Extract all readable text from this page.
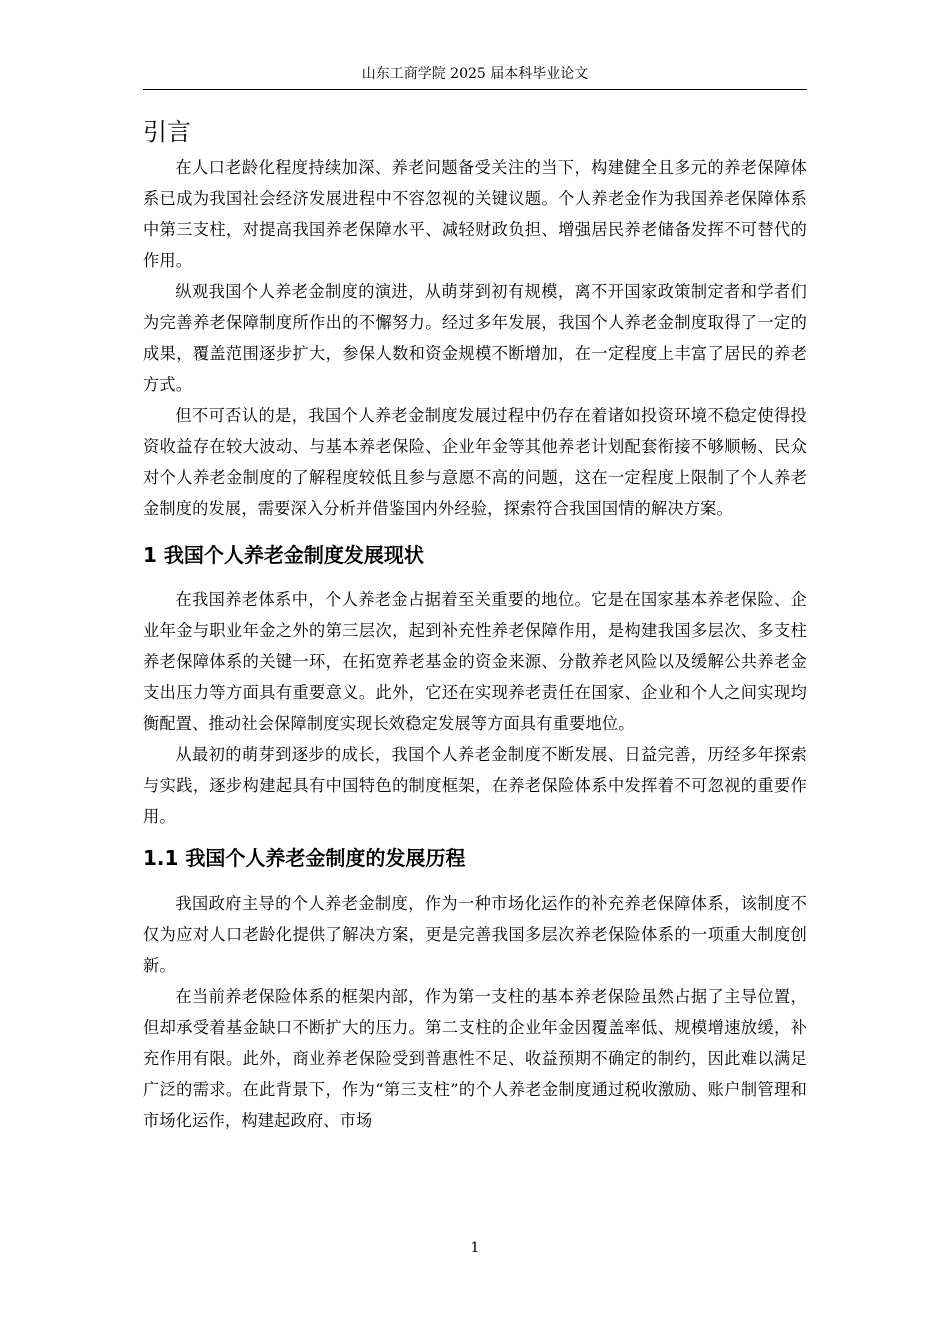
山东工商学院 2025 届本科毕业论文
引言

在人口老龄化程度持续加深、养老问题备受关注的当下，构建健全且多元的养老保障体系已成为我国社会经济发展进程中不容忽视的关键议题。个人养老金作为我国养老保障体系中第三支柱，对提高我国养老保障水平、减轻财政负担、增强居民养老储备发挥不可替代的作用。

纵观我国个人养老金制度的演进，从萌芽到初有规模，离不开国家政策制定者和学者们为完善养老保障制度所作出的不懈努力。经过多年发展，我国个人养老金制度取得了一定的成果，覆盖范围逐步扩大，参保人数和资金规模不断增加，在一定程度上丰富了居民的养老方式。

但不可否认的是，我国个人养老金制度发展过程中仍存在着诸如投资环境不稳定使得投资收益存在较大波动、与基本养老保险、企业年金等其他养老计划配套衔接不够顺畅、民众对个人养老金制度的了解程度较低且参与意愿不高的问题，这在一定程度上限制了个人养老金制度的发展，需要深入分析并借鉴国内外经验，探索符合我国国情的解决方案。

1 我国个人养老金制度发展现状

在我国养老体系中，个人养老金占据着至关重要的地位。它是在国家基本养老保险、企业年金与职业年金之外的第三层次，起到补充性养老保障作用，是构建我国多层次、多支柱养老保障体系的关键一环，在拓宽养老基金的资金来源、分散养老风险以及缓解公共养老金支出压力等方面具有重要意义。此外，它还在实现养老责任在国家、企业和个人之间实现均衡配置、推动社会保障制度实现长效稳定发展等方面具有重要地位。

从最初的萌芽到逐步的成长，我国个人养老金制度不断发展、日益完善，历经多年探索与实践，逐步构建起具有中国特色的制度框架，在养老保险体系中发挥着不可忽视的重要作用。

1.1 我国个人养老金制度的发展历程

我国政府主导的个人养老金制度，作为一种市场化运作的补充养老保障体系，该制度不仅为应对人口老龄化提供了解决方案，更是完善我国多层次养老保险体系的一项重大制度创新。

在当前养老保险体系的框架内部，作为第一支柱的基本养老保险虽然占据了主导位置，但却承受着基金缺口不断扩大的压力。第二支柱的企业年金因覆盖率低、规模增速放缓，补充作用有限。此外，商业养老保险受到普惠性不足、收益预期不确定的制约，因此难以满足广泛的需求。在此背景下，作为“第三支柱”的个人养老金制度通过税收激励、账户制管理和市场化运作，构建起政府、市场

1
